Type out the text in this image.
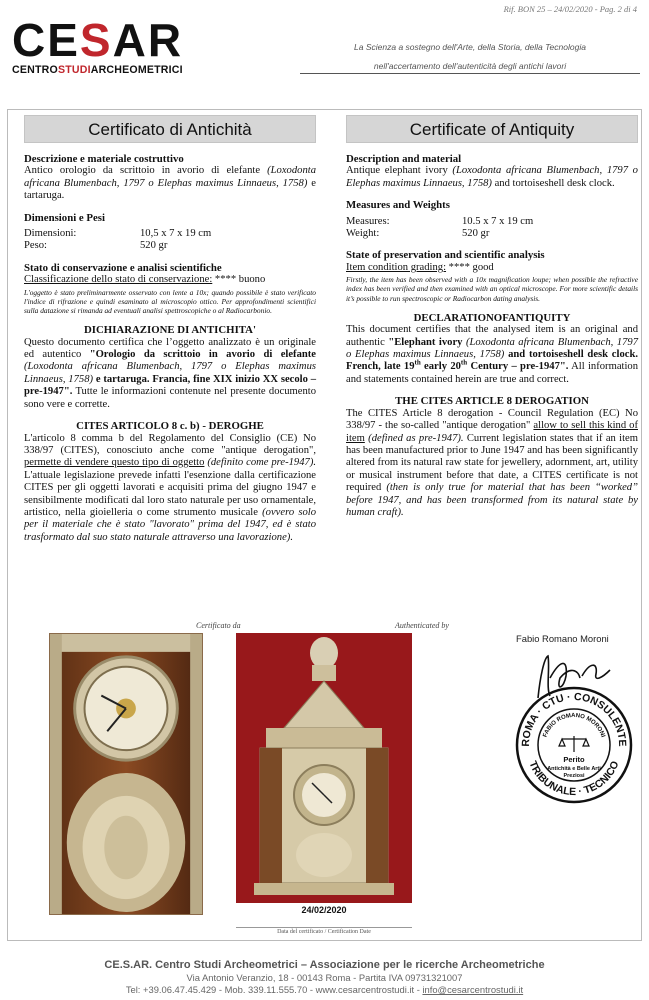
Rif. BON 25 – 24/02/2020 - Pag. 2 di 4
CESAR
CENTROSTUDIARCHEOMETRICI
La Scienza a sostegno dell'Arte, della Storia, della Tecnologia
nell'accertamento dell'autenticità degli antichi lavori
Certificato di Antichità
Descrizione e materiale costruttivo
Antico orologio da scrittoio in avorio di elefante (Loxodonta africana Blumenbach, 1797 o Elephas maximus Linnaeus, 1758) e tartaruga.
Dimensioni e Pesi
Dimensioni:	10,5 x 7 x 19 cm
Peso:	520 gr
Stato di conservazione e analisi scientifiche
Classificazione dello stato di conservazione: **** buono
L'oggetto è stato preliminarmente osservato con lente a 10x; quando possibile è stato verificato l'indice di rifrazione e quindi esaminato al microscopio ottico. Per approfondimenti scientifici sulla datazione si rimanda ad eventuali analisi spettroscopiche o al Radiocarbonio.
DICHIARAZIONE DI ANTICHITA'
Questo documento certifica che l’oggetto analizzato è un originale ed autentico "Orologio da scrittoio in avorio di elefante (Loxodonta africana Blumenbach, 1797 o Elephas maximus Linnaeus, 1758) e tartaruga. Francia, fine XIX inizio XX secolo – pre-1947". Tutte le informazioni contenute nel presente documento sono vere e corrette.
CITES ARTICOLO 8 c. b) - DEROGHE
L'articolo 8 comma b del Regolamento del Consiglio (CE) No 338/97 (CITES), conosciuto anche come "antique derogation", permette di vendere questo tipo di oggetto (definito come pre-1947). L'attuale legislazione prevede infatti l'esenzione dalla certificazione CITES per gli oggetti lavorati e acquisiti prima del giugno 1947 e sensibilmente modificati dal loro stato naturale per uso ornamentale, artistico, nella gioielleria o come strumento musicale (ovvero solo per il materiale che è stato "lavorato" prima del 1947, ed è stato trasformato dal suo stato naturale attraverso una lavorazione).
Certificate of Antiquity
Description and material
Antique elephant ivory (Loxodonta africana Blumenbach, 1797 o Elephas maximus Linnaeus, 1758) and tortoiseshell desk clock.
Measures and Weights
Measures:	10.5 x 7 x 19 cm
Weight:	520 gr
State of preservation and scientific analysis
Item condition grading: **** good
Firstly, the item has been observed with a 10x magnification loupe; when possible the refractive index has been verified and then examined with an optical microscope. For more scientific details it’s possible to run spectroscopic or Radiocarbon dating analysis.
DECLARATIONOFANTIQUITY
This document certifies that the analysed item is an original and authentic "Elephant ivory (Loxodonta africana Blumenbach, 1797 o Elephas maximus Linnaeus, 1758) and tortoiseshell desk clock. French, late 19th early 20th Century – pre-1947". All information and statements contained herein are true and correct.
THE CITES ARTICLE 8 DEROGATION
The CITES Article 8 derogation - Council Regulation (EC) No 338/97 - the so-called "antique derogation" allow to sell this kind of item (defined as pre-1947). Current legislation states that if an item has been manufactured prior to June 1947 and has been significantly altered from its natural raw state for jewellery, adornment, art, utility or musical instrument before that date, a CITES certificate is not required (then is only true for material that has been “worked” before 1947, and has been transformed from its natural state by human craft).
Certificato da	Authenticated by
24/02/2020
Data del certificato / Certification Date
Fabio Romano Moroni
ROMA · CTU · CONSULENTE
TRIBUNALE · TECNICO
FABIO ROMANO MORONI
Perito
Antichità e Belle Arti
Preziosi
CE.S.AR. Centro Studi Archeometrici – Associazione per le ricerche Archeometriche
Via Antonio Veranzio, 18 - 00143 Roma - Partita IVA 09731321007
Tel: +39.06.47.45.429 - Mob. 339.11.555.70 - www.cesarcentrostudi.it - info@cesarcentrostudi.it
